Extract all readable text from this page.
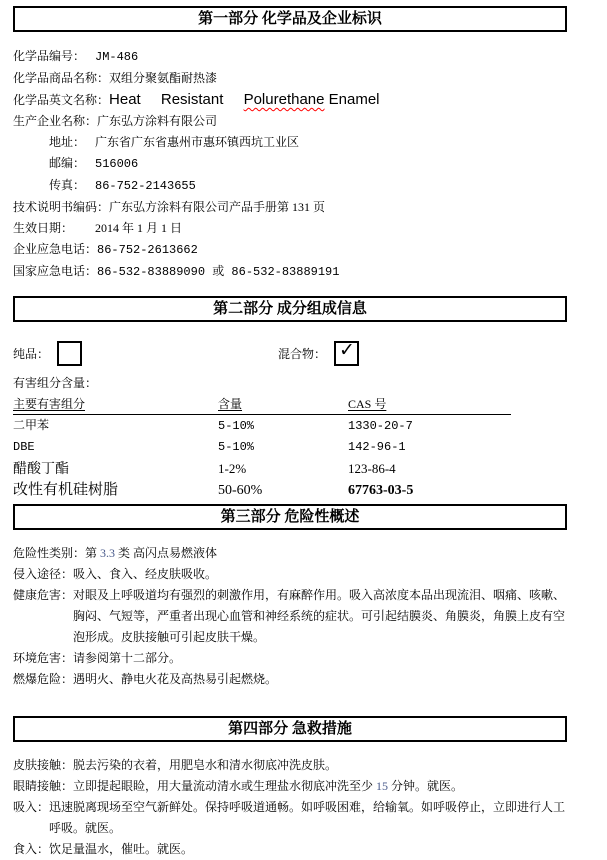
第一部分 化学品及企业标识
化学品编号： JM-486
化学品商品名称： 双组分聚氨酯耐热漆
化学品英文名称： Heat Resistant Polurethane Enamel
生产企业名称： 广东弘方涂料有限公司
地址： 广东省广东省惠州市惠环镇西坑工业区
邮编： 516006
传真： 86-752-2143655
技术说明书编码： 广东弘方涂料有限公司产品手册第 131 页
生效日期：	2014 年 1 月 1 日
企业应急电话： 86-752-2613662
国家应急电话： 86-532-83889090 或 86-532-83889191
第二部分 成分组成信息
纯品：	混合物： ✓
有害组分含量：
主要有害组分	含量	CAS 号
二甲苯	5-10%	1330-20-7
DBE	5-10%	142-96-1
醋酸丁酯	1-2%	123-86-4
改性有机硅树脂	50-60%	67763-03-5
第三部分 危险性概述
危险性类别： 第 3.3 类 高闪点易燃液体
侵入途径： 吸入、食入、经皮肤吸收。
健康危害： 对眼及上呼吸道均有强烈的刺激作用，有麻醉作用。吸入高浓度本品出现流泪、咽痛、咳嗽、胸闷、气短等，严重者出现心血管和神经系统的症状。可引起结膜炎、角膜炎，角膜上皮有空泡形成。皮肤接触可引起皮肤干燥。
环境危害： 请参阅第十二部分。
燃爆危险： 遇明火、静电火花及高热易引起燃烧。
第四部分 急救措施
皮肤接触： 脱去污染的衣着，用肥皂水和清水彻底冲洗皮肤。
眼睛接触： 立即提起眼睑，用大量流动清水或生理盐水彻底冲洗至少 15 分钟。就医。
吸入： 迅速脱离现场至空气新鲜处。保持呼吸道通畅。如呼吸困难，给输氧。如呼吸停止，立即进行人工呼吸。就医。
食入： 饮足量温水，催吐。就医。
